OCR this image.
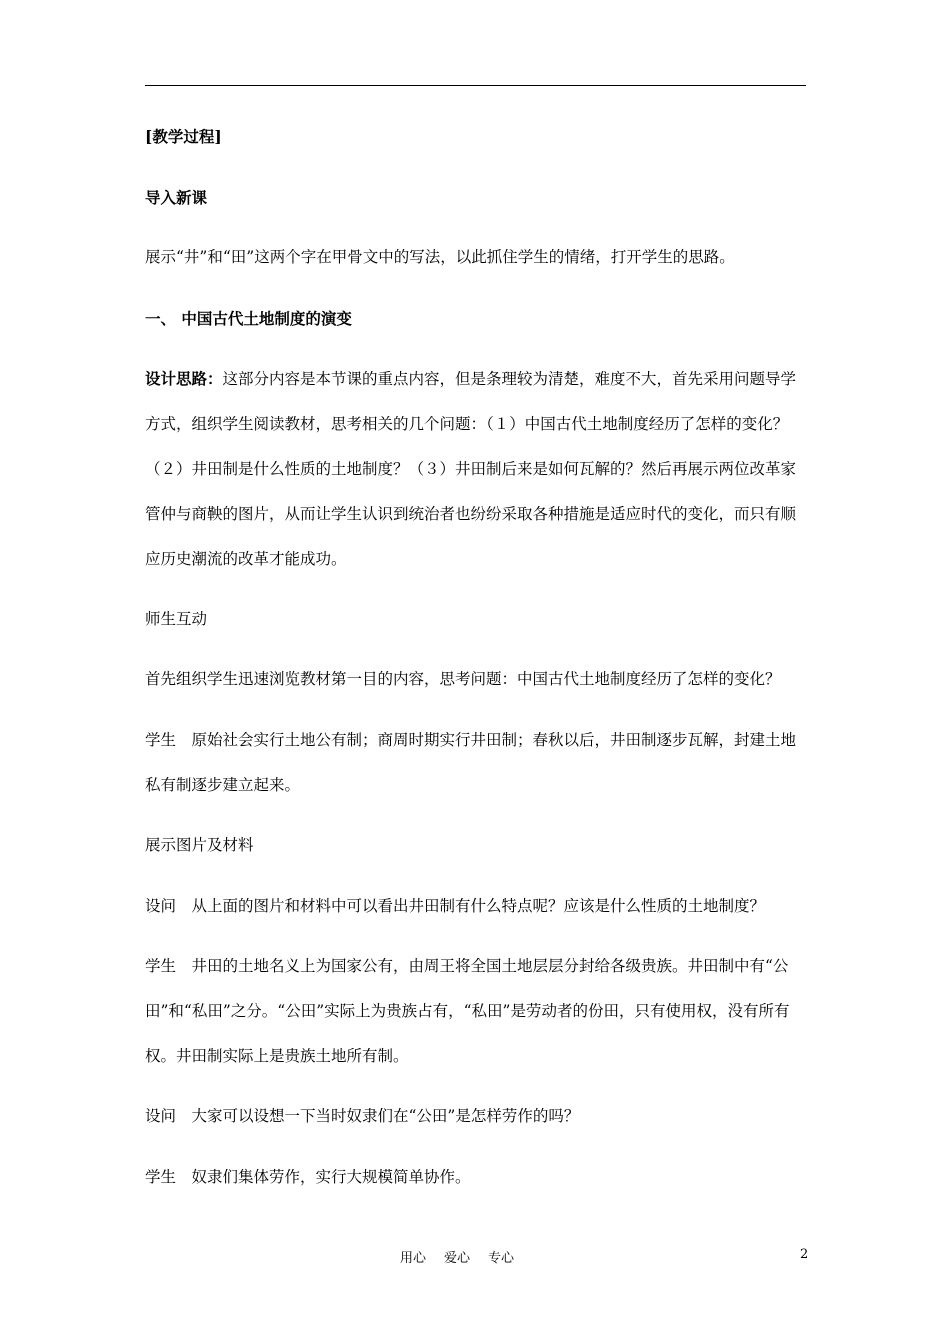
[教学过程]

导入新课

展示“井”和“田”这两个字在甲骨文中的写法，以此抓住学生的情绪，打开学生的思路。

一、 中国古代土地制度的演变

设计思路：这部分内容是本节课的重点内容，但是条理较为清楚，难度不大，首先采用问题导学方式，组织学生阅读教材，思考相关的几个问题：（１）中国古代土地制度经历了怎样的变化？（２）井田制是什么性质的土地制度？（３）井田制后来是如何瓦解的？然后再展示两位改革家管仲与商鞅的图片，从而让学生认识到统治者也纷纷采取各种措施是适应时代的变化，而只有顺应历史潮流的改革才能成功。

师生互动

首先组织学生迅速浏览教材第一目的内容，思考问题：中国古代土地制度经历了怎样的变化？

学生　原始社会实行土地公有制；商周时期实行井田制；春秋以后，井田制逐步瓦解，封建土地私有制逐步建立起来。

展示图片及材料

设问　从上面的图片和材料中可以看出井田制有什么特点呢？应该是什么性质的土地制度？

学生　井田的土地名义上为国家公有，由周王将全国土地层层分封给各级贵族。井田制中有“公田”和“私田”之分。“公田”实际上为贵族占有，“私田”是劳动者的份田，只有使用权，没有所有权。井田制实际上是贵族土地所有制。

设问　大家可以设想一下当时奴隶们在“公田”是怎样劳作的吗？

学生　奴隶们集体劳作，实行大规模简单协作。

用心 爱心 专心	2
